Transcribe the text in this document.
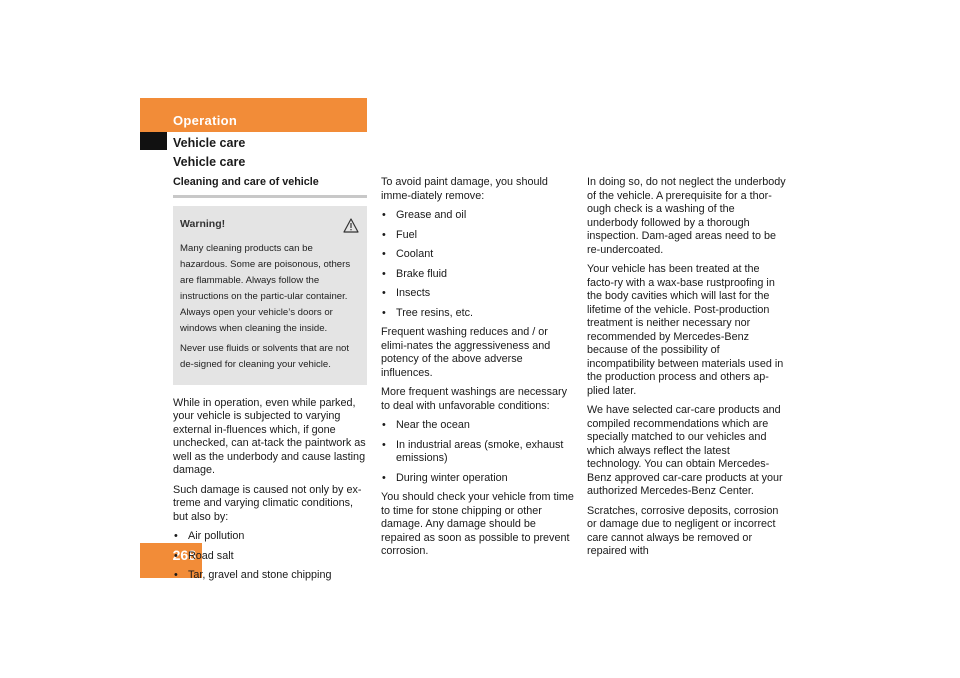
Operation
Vehicle care
Vehicle care
268
Cleaning and care of vehicle
Warning!

Many cleaning products can be hazardous. Some are poisonous, others are flammable. Always follow the instructions on the partic-ular container. Always open your vehicle’s doors or windows when cleaning the inside.

Never use fluids or solvents that are not de-signed for cleaning your vehicle.

While in operation, even while parked, your vehicle is subjected to varying external in-fluences which, if gone unchecked, can at-tack the paintwork as well as the underbody and cause lasting damage.

Such damage is caused not only by ex-treme and varying climatic conditions, but also by:

• Air pollution
• Road salt
• Tar, gravel and stone chipping

To avoid paint damage, you should imme-diately remove:

• Grease and oil
• Fuel
• Coolant
• Brake fluid
• Insects
• Tree resins, etc.

Frequent washing reduces and / or elimi-nates the aggressiveness and potency of the above adverse influences.

More frequent washings are necessary to deal with unfavorable conditions:

• Near the ocean
• In industrial areas (smoke, exhaust emissions)
• During winter operation

You should check your vehicle from time to time for stone chipping or other damage. Any damage should be repaired as soon as possible to prevent corrosion.

In doing so, do not neglect the underbody of the vehicle. A prerequisite for a thor-ough check is a washing of the underbody followed by a thorough inspection. Dam-aged areas need to be re-undercoated.

Your vehicle has been treated at the facto-ry with a wax-base rustproofing in the body cavities which will last for the lifetime of the vehicle. Post-production treatment is neither necessary nor recommended by Mercedes-Benz because of the possibility of incompatibility between materials used in the production process and others ap-plied later.

We have selected car-care products and compiled recommendations which are specially matched to our vehicles and which always reflect the latest technology. You can obtain Mercedes-Benz approved car-care products at your authorized Mercedes-Benz Center.

Scratches, corrosive deposits, corrosion or damage due to negligent or incorrect care cannot always be removed or repaired with
